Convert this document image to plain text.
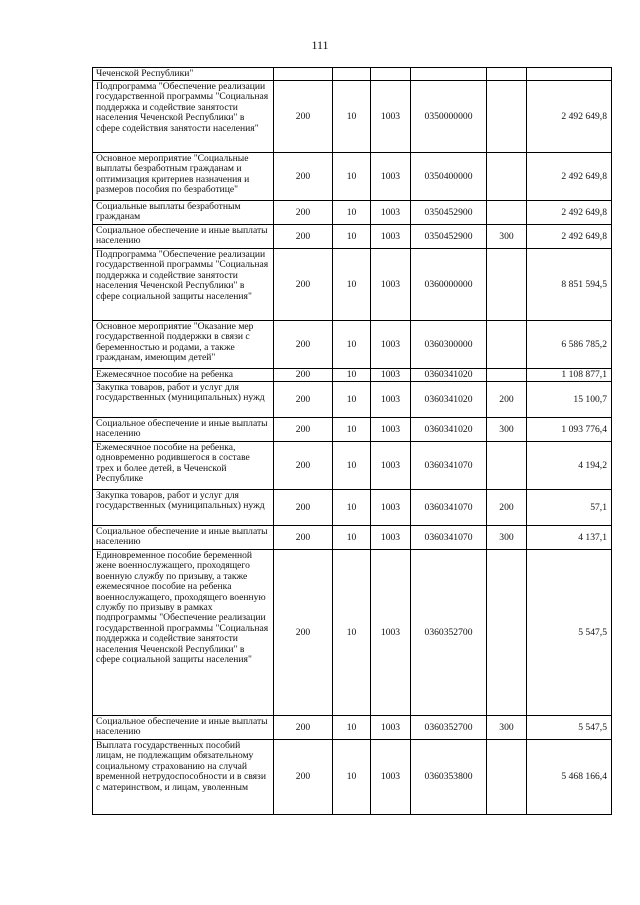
111
Чеченской Республики"						
Подпрограмма "Обеспечение реализации государственной программы "Социальная поддержка и содействие занятости населения Чеченской Республики" в сфере содействия занятости населения"	200	10	1003	0350000000		2 492 649,8
Основное мероприятие "Социальные выплаты безработным гражданам и оптимизация критериев назначения и размеров пособия по безработице"	200	10	1003	0350400000		2 492 649,8
Социальные выплаты безработным гражданам	200	10	1003	0350452900		2 492 649,8
Социальное обеспечение и иные выплаты населению	200	10	1003	0350452900	300	2 492 649,8
Подпрограмма "Обеспечение реализации государственной программы "Социальная поддержка и содействие занятости населения Чеченской Республики" в сфере социальной защиты населения"	200	10	1003	0360000000		8 851 594,5
Основное мероприятие "Оказание мер государственной поддержки в связи с беременностью и родами, а также гражданам, имеющим детей"	200	10	1003	0360300000		6 586 785,2
Ежемесячное пособие на ребенка	200	10	1003	0360341020		1 108 877,1
Закупка товаров, работ и услуг для государственных (муниципальных) нужд	200	10	1003	0360341020	200	15 100,7
Социальное обеспечение и иные выплаты населению	200	10	1003	0360341020	300	1 093 776,4
Ежемесячное пособие на ребенка, одновременно родившегося в составе трех и более детей, в Чеченской Республике	200	10	1003	0360341070		4 194,2
Закупка товаров, работ и услуг для государственных (муниципальных) нужд	200	10	1003	0360341070	200	57,1
Социальное обеспечение и иные выплаты населению	200	10	1003	0360341070	300	4 137,1
Единовременное пособие беременной жене военнослужащего, проходящего военную службу по призыву, а также ежемесячное пособие на ребенка военнослужащего, проходящего военную службу по призыву в рамках подпрограммы "Обеспечение реализации государственной программы "Социальная поддержка и содействие занятости населения Чеченской Республики" в сфере социальной защиты населения"	200	10	1003	0360352700		5 547,5
Социальное обеспечение и иные выплаты населению	200	10	1003	0360352700	300	5 547,5
Выплата государственных пособий лицам, не подлежащим обязательному социальному страхованию на случай временной нетрудоспособности и в связи с материнством, и лицам, уволенным	200	10	1003	0360353800		5 468 166,4
